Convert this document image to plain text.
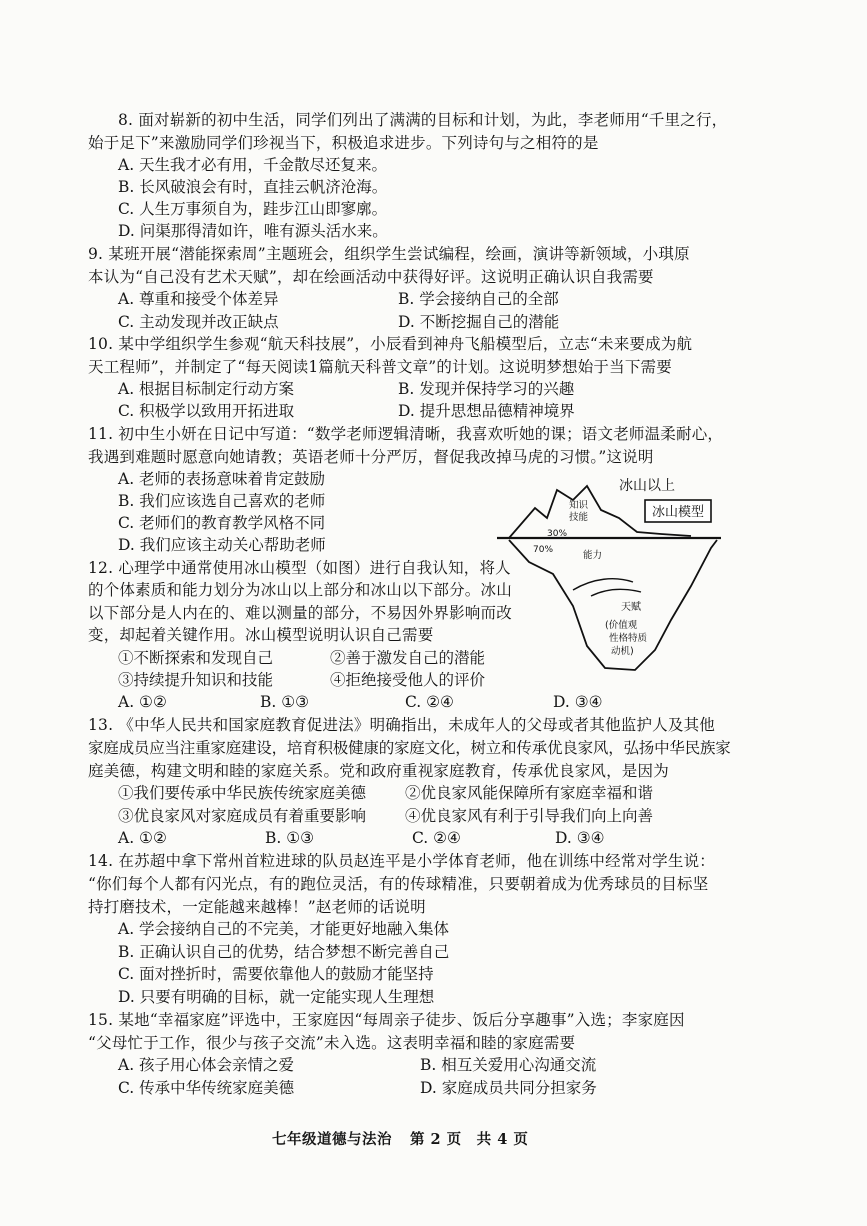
8. 面对崭新的初中生活，同学们列出了满满的目标和计划，为此，李老师用“千里之行，
始于足下”来激励同学们珍视当下，积极追求进步。下列诗句与之相符的是
A. 天生我才必有用，千金散尽还复来。
B. 长风破浪会有时，直挂云帆济沧海。
C. 人生万事须自为，跬步江山即寥廓。
D. 问渠那得清如许，唯有源头活水来。
9. 某班开展“潜能探索周”主题班会，组织学生尝试编程，绘画，演讲等新领域，小琪原
本认为“自己没有艺术天赋”，却在绘画活动中获得好评。这说明正确认识自我需要
A. 尊重和接受个体差异	B. 学会接纳自己的全部
C. 主动发现并改正缺点	D. 不断挖掘自己的潜能
10. 某中学组织学生参观“航天科技展”，小辰看到神舟飞船模型后，立志“未来要成为航
天工程师”，并制定了“每天阅读1篇航天科普文章”的计划。这说明梦想始于当下需要
A. 根据目标制定行动方案	B. 发现并保持学习的兴趣
C. 积极学以致用开拓进取	D. 提升思想品德精神境界
11. 初中生小妍在日记中写道：“数学老师逻辑清晰，我喜欢听她的课；语文老师温柔耐心，
我遇到难题时愿意向她请教；英语老师十分严厉，督促我改掉马虎的习惯。”这说明
A. 老师的表扬意味着肯定鼓励
B. 我们应该选自己喜欢的老师
C. 老师们的教育教学风格不同
D. 我们应该主动关心帮助老师
冰山模型
冰山以上
知识
技能
30%
70%	能力
天赋
(价值观
性格特质
动机)
12. 心理学中通常使用冰山模型（如图）进行自我认知，将人
的个体素质和能力划分为冰山以上部分和冰山以下部分。冰山
以下部分是人内在的、难以测量的部分，不易因外界影响而改
变，却起着关键作用。冰山模型说明认识自己需要
①不断探索和发现自己	②善于激发自己的潜能
③持续提升知识和技能	④拒绝接受他人的评价
A. ①②	B. ①③	C. ②④	D. ③④
13. 《中华人民共和国家庭教育促进法》明确指出，未成年人的父母或者其他监护人及其他
家庭成员应当注重家庭建设，培育积极健康的家庭文化，树立和传承优良家风，弘扬中华民族家
庭美德，构建文明和睦的家庭关系。党和政府重视家庭教育，传承优良家风，是因为
①我们要传承中华民族传统家庭美德	②优良家风能保障所有家庭幸福和谐
③优良家风对家庭成员有着重要影响	④优良家风有利于引导我们向上向善
A. ①②	B. ①③	C. ②④	D. ③④
14. 在苏超中拿下常州首粒进球的队员赵连平是小学体育老师，他在训练中经常对学生说：
“你们每个人都有闪光点，有的跑位灵活，有的传球精准，只要朝着成为优秀球员的目标坚
持打磨技术，一定能越来越棒！”赵老师的话说明
A. 学会接纳自己的不完美，才能更好地融入集体
B. 正确认识自己的优势，结合梦想不断完善自己
C. 面对挫折时，需要依靠他人的鼓励才能坚持
D. 只要有明确的目标，就一定能实现人生理想
15. 某地“幸福家庭”评选中，王家庭因“每周亲子徒步、饭后分享趣事”入选；李家庭因
“父母忙于工作，很少与孩子交流”未入选。这表明幸福和睦的家庭需要
A. 孩子用心体会亲情之爱	B. 相互关爱用心沟通交流
C. 传承中华传统家庭美德	D. 家庭成员共同分担家务
七年级道德与法治 第 2 页　共 4 页
